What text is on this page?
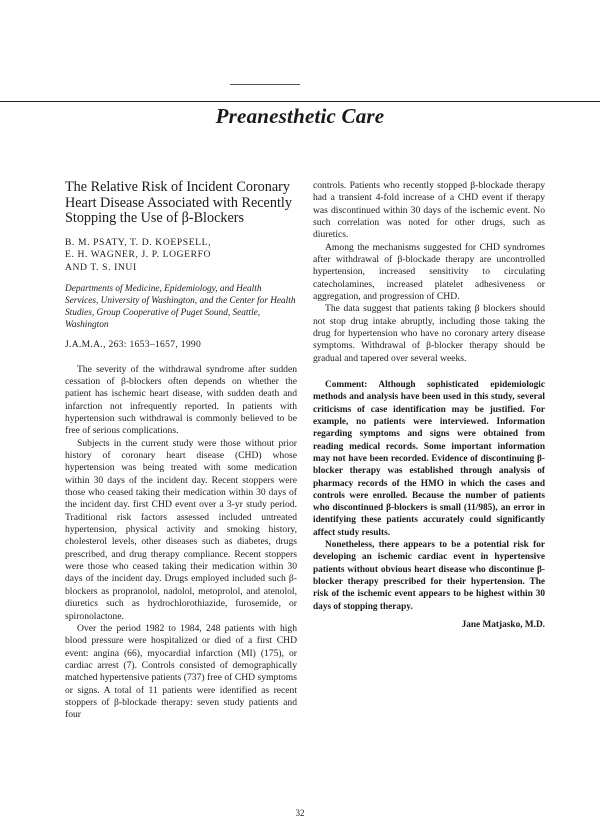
Preanesthetic Care
The Relative Risk of Incident Coronary Heart Disease Associated with Recently Stopping the Use of β-Blockers
B. M. PSATY, T. D. KOEPSELL,
E. H. WAGNER, J. P. LOGERFO
AND T. S. INUI

Departments of Medicine, Epidemiology, and Health Services, University of Washington, and the Center for Health Studies, Group Cooperative of Puget Sound, Seattle, Washington

J.A.M.A., 263: 1653–1657, 1990

The severity of the withdrawal syndrome after sudden cessation of β-blockers often depends on whether the patient has ischemic heart disease, with sudden death and infarction not infrequently reported. In patients with hypertension such withdrawal is commonly believed to be free of serious complications.

Subjects in the current study were those without prior history of coronary heart disease (CHD) whose hypertension was being treated with some medication within 30 days of the incident day. Recent stoppers were those who ceased taking their medication within 30 days of the incident day. first CHD event over a 3-yr study period. Traditional risk factors assessed included untreated hypertension, physical activity and smoking history, cholesterol levels, other diseases such as diabetes, drugs prescribed, and drug therapy compliance. Recent stoppers were those who ceased taking their medication within 30 days of the incident day. Drugs employed included such β-blockers as propranolol, nadolol, metoprolol, and atenolol, diuretics such as hydrochlorothiazide, furosemide, or spironolactone.

Over the period 1982 to 1984, 248 patients with high blood pressure were hospitalized or died of a first CHD event: angina (66), myocardial infarction (MI) (175), or cardiac arrest (7). Controls consisted of demographically matched hypertensive patients (737) free of CHD symptoms or signs. A total of 11 patients were identified as recent stoppers of β-blockade therapy: seven study patients and four

controls. Patients who recently stopped β-blockade therapy had a transient 4-fold increase of a CHD event if therapy was discontinued within 30 days of the ischemic event. No such correlation was noted for other drugs, such as diuretics.

Among the mechanisms suggested for CHD syndromes after withdrawal of β-blockade therapy are uncontrolled hypertension, increased sensitivity to circulating catecholamines, increased platelet adhesiveness or aggregation, and progression of CHD.

The data suggest that patients taking β blockers should not stop drug intake abruptly, including those taking the drug for hypertension who have no coronary artery disease symptoms. Withdrawal of β-blocker therapy should be gradual and tapered over several weeks.

Comment: Although sophisticated epidemiologic methods and analysis have been used in this study, several criticisms of case identification may be justified. For example, no patients were interviewed. Information regarding symptoms and signs were obtained from reading medical records. Some important information may not have been recorded. Evidence of discontinuing β-blocker therapy was established through analysis of pharmacy records of the HMO in which the cases and controls were enrolled. Because the number of patients who discontinued β-blockers is small (11/985), an error in identifying these patients accurately could significantly affect study results.

Nonetheless, there appears to be a potential risk for developing an ischemic cardiac event in hypertensive patients without obvious heart disease who discontinue β-blocker therapy prescribed for their hypertension. The risk of the ischemic event appears to be highest within 30 days of stopping therapy.

Jane Matjasko, M.D.
32
